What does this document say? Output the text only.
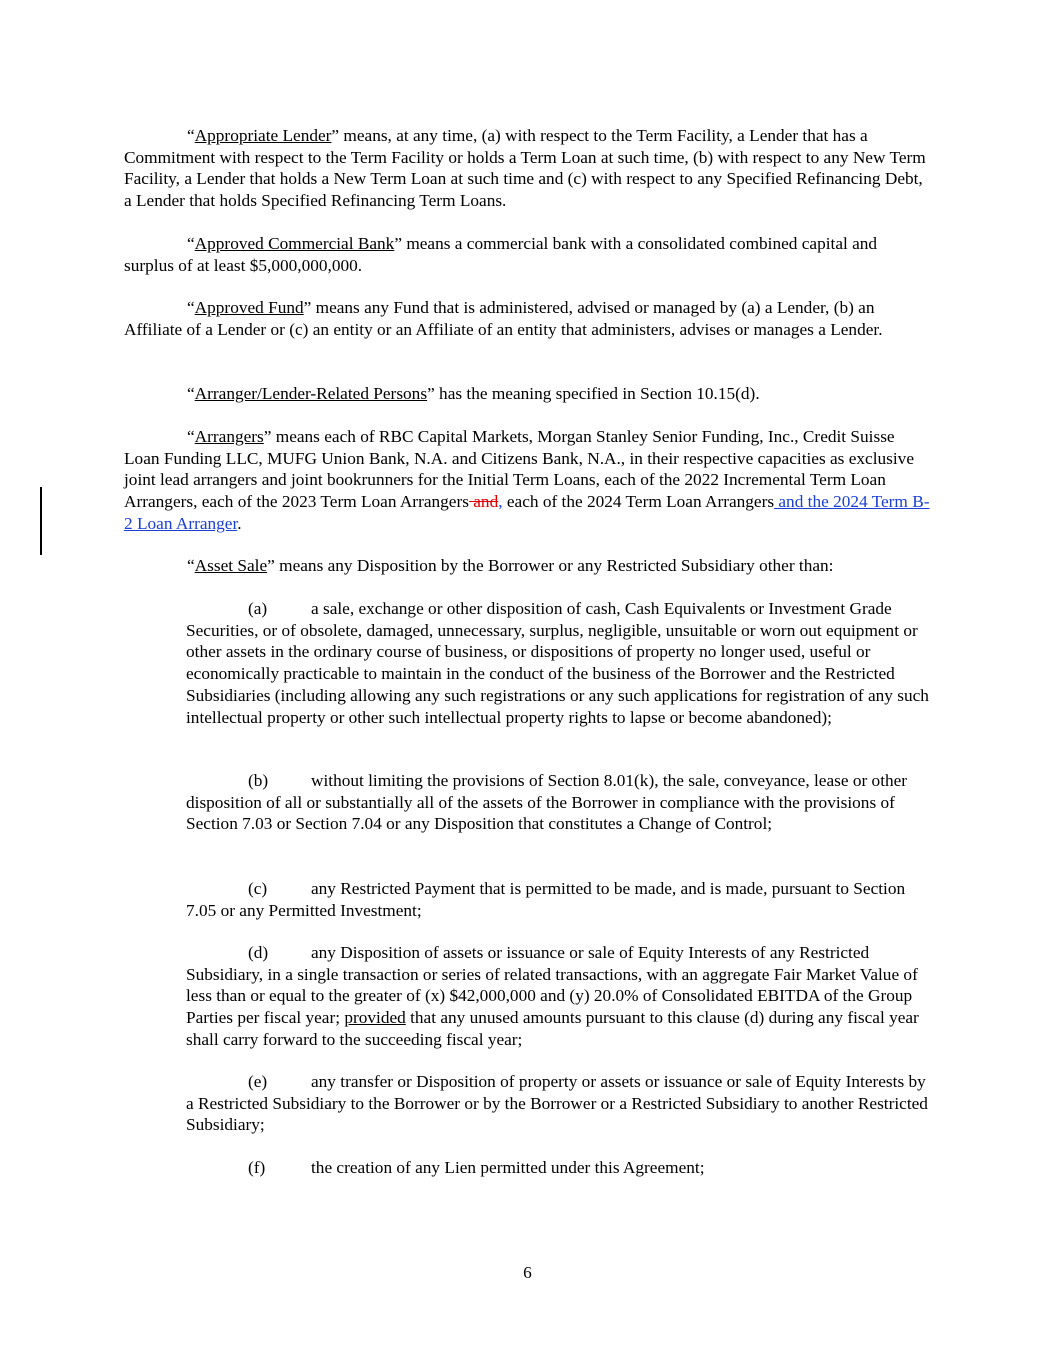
“Appropriate Lender” means, at any time, (a) with respect to the Term Facility, a Lender that has a Commitment with respect to the Term Facility or holds a Term Loan at such time, (b) with respect to any New Term Facility, a Lender that holds a New Term Loan at such time and (c) with respect to any Specified Refinancing Debt, a Lender that holds Specified Refinancing Term Loans.

“Approved Commercial Bank” means a commercial bank with a consolidated combined capital and surplus of at least $5,000,000,000.

“Approved Fund” means any Fund that is administered, advised or managed by (a) a Lender, (b) an Affiliate of a Lender or (c) an entity or an Affiliate of an entity that administers, advises or manages a Lender.

“Arranger/Lender-Related Persons” has the meaning specified in Section 10.15(d).

“Arrangers” means each of RBC Capital Markets, Morgan Stanley Senior Funding, Inc., Credit Suisse Loan Funding LLC, MUFG Union Bank, N.A. and Citizens Bank, N.A., in their respective capacities as exclusive joint lead arrangers and joint bookrunners for the Initial Term Loans, each of the 2022 Incremental Term Loan Arrangers, each of the 2023 Term Loan Arrangers and, each of the 2024 Term Loan Arrangers and the 2024 Term B-2 Loan Arranger.

“Asset Sale” means any Disposition by the Borrower or any Restricted Subsidiary other than:

(a)	a sale, exchange or other disposition of cash, Cash Equivalents or Investment Grade Securities, or of obsolete, damaged, unnecessary, surplus, negligible, unsuitable or worn out equipment or other assets in the ordinary course of business, or dispositions of property no longer used, useful or economically practicable to maintain in the conduct of the business of the Borrower and the Restricted Subsidiaries (including allowing any such registrations or any such applications for registration of any such intellectual property or other such intellectual property rights to lapse or become abandoned);

(b) without limiting the provisions of Section 8.01(k), the sale, conveyance, lease or other disposition of all or substantially all of the assets of the Borrower in compliance with the provisions of Section 7.03 or Section 7.04 or any Disposition that constitutes a Change of Control;

(c)	any Restricted Payment that is permitted to be made, and is made, pursuant to Section 7.05 or any Permitted Investment;

(d) any Disposition of assets or issuance or sale of Equity Interests of any Restricted Subsidiary, in a single transaction or series of related transactions, with an aggregate Fair Market Value of less than or equal to the greater of (x) $42,000,000 and (y) 20.0% of Consolidated EBITDA of the Group Parties per fiscal year; provided that any unused amounts pursuant to this clause (d) during any fiscal year shall carry forward to the succeeding fiscal year;

(e)	any transfer or Disposition of property or assets or issuance or sale of Equity Interests by a Restricted Subsidiary to the Borrower or by the Borrower or a Restricted Subsidiary to another Restricted Subsidiary;

(f)	the creation of any Lien permitted under this Agreement;

6
